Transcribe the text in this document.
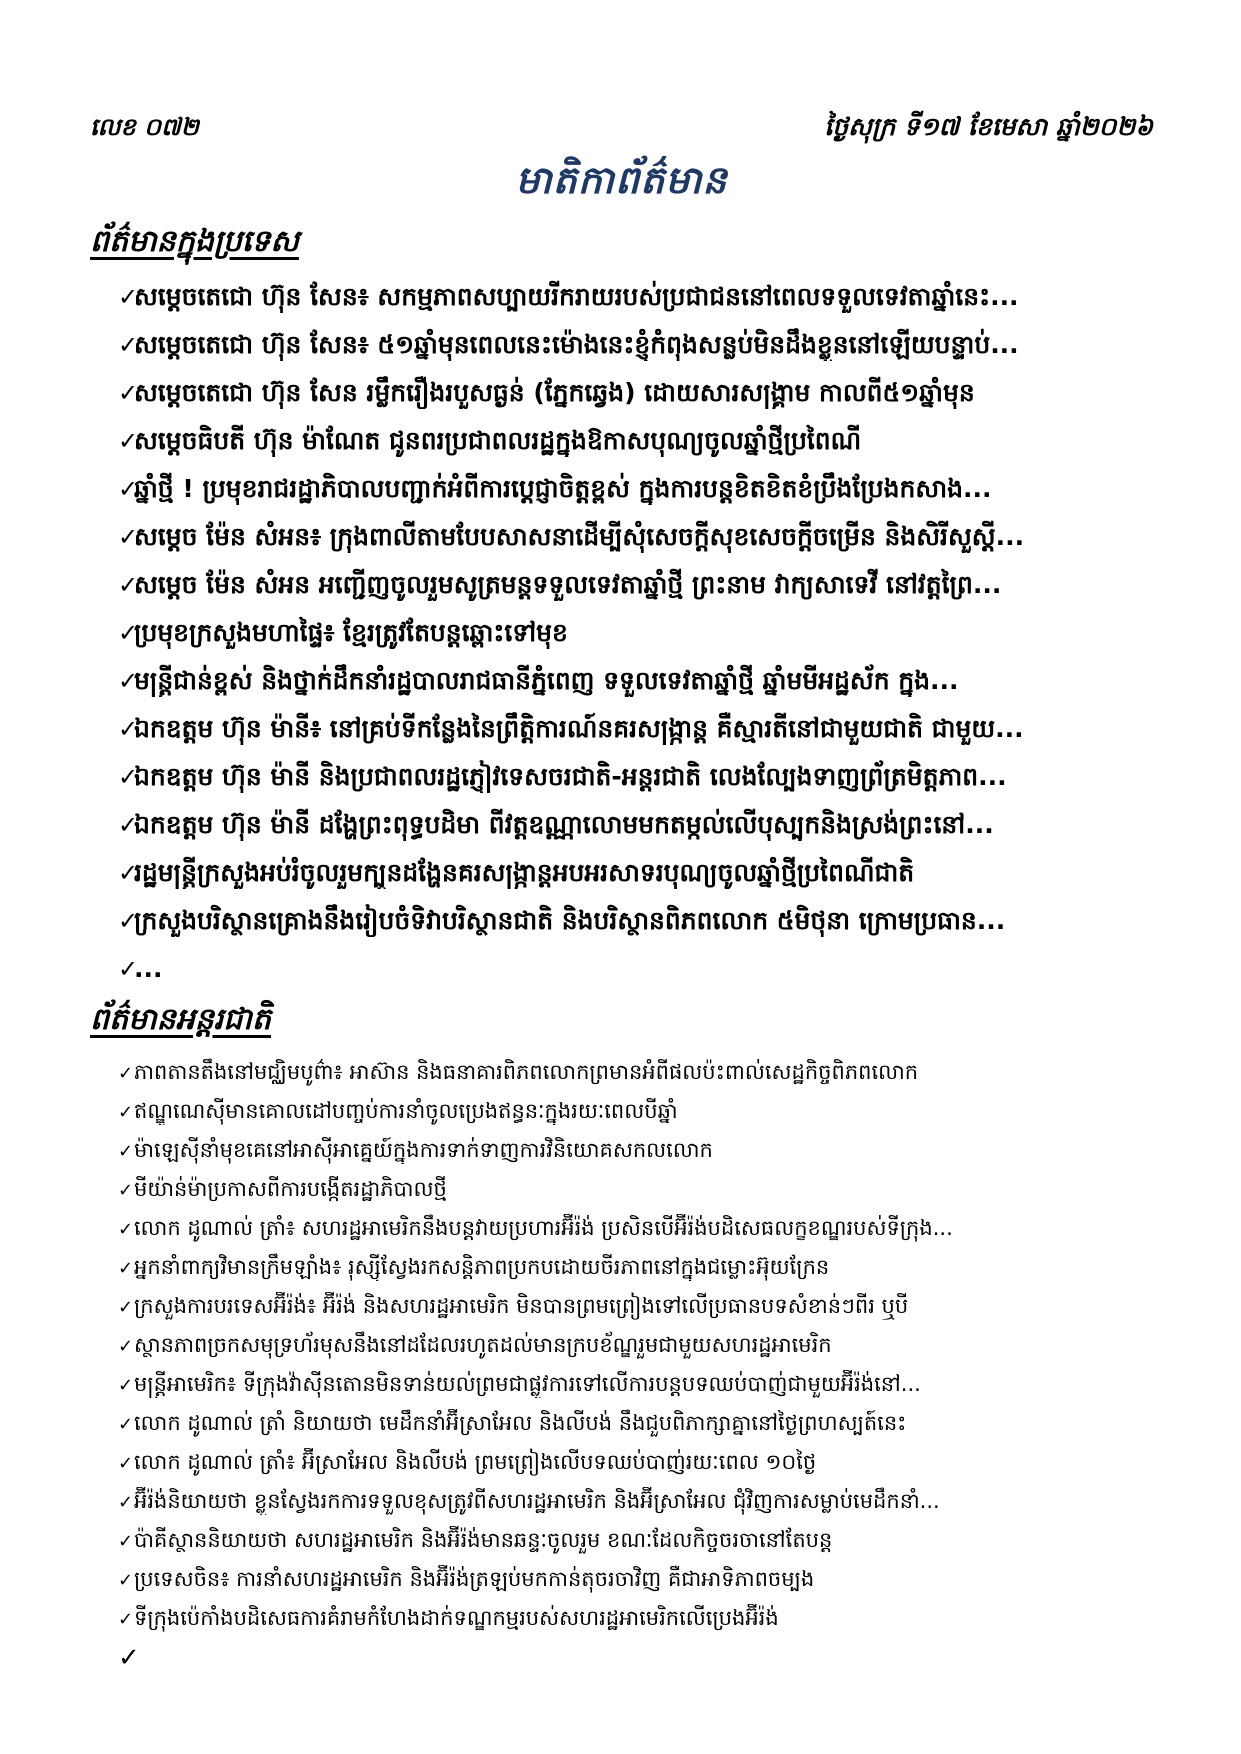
លេខ ០៧២	ថ្ងៃសុក្រ ទី១៧ ខែមេសា ឆ្នាំ២០២៦
មាតិកាព័ត៌មាន
ព័ត៌មានក្នុងប្រទេស
✓
សម្តេចតេជោ ហ៊ុន សែន៖ សកម្មភាពសប្បាយរីករាយរបស់ប្រជាជននៅពេលទទួលទេវតាឆ្នាំនេះ...
✓
សម្តេចតេជោ ហ៊ុន សែន៖ ៥១ឆ្នាំមុនពេលនេះម៉ោងនេះខ្ញុំកំពុងសន្លប់មិនដឹងខ្លួននៅឡើយបន្ទាប់...
✓
សម្តេចតេជោ ហ៊ុន សែន រម្លឹករឿងរបួសធ្ងន់ (ភ្នែកឆ្វេង) ដោយសារសង្គ្រាម កាលពី៥១ឆ្នាំមុន
✓
សម្តេចធិបតី ហ៊ុន ម៉ាណែត ជូនពរប្រជាពលរដ្ឋក្នុងឱកាសបុណ្យចូលឆ្នាំថ្មីប្រពៃណី
✓
ឆ្នាំថ្មី ! ប្រមុខរាជរដ្ឋាភិបាលបញ្ជាក់អំពីការប្តេជ្ញាចិត្តខ្ពស់ ក្នុងការបន្តខិតខិតខំប្រឹងប្រែងកសាង...
✓
សម្តេច ម៉ែន សំអន៖ ក្រុងពាលីតាមបែបសាសនាដើម្បីសុំសេចក្តីសុខសេចក្តីចម្រើន និងសិរីសួស្តី...
✓
សម្តេច ម៉ែន សំអន អញ្ជើញចូលរួមសូត្រមន្តទទួលទេវតាឆ្នាំថ្មី ព្រះនាម វាក្យសាទេវី នៅវត្តព្រៃ...
✓
ប្រមុខក្រសួងមហាផ្ទៃ៖ ខ្មែរត្រូវតែបន្តឆ្ពោះទៅមុខ
✓
មន្ត្រីជាន់ខ្ពស់ និងថ្នាក់ដឹកនាំរដ្ឋបាលរាជធានីភ្នំពេញ ទទួលទេវតាឆ្នាំថ្មី ឆ្នាំមមីអដ្ឋស័ក ក្នុង...
✓
ឯកឧត្តម ហ៊ុន ម៉ានី៖ នៅគ្រប់ទីកន្លែងនៃព្រឹត្តិការណ៍នគរសង្ក្រាន្ត គឺស្មារតីនៅជាមួយជាតិ ជាមួយ...
✓
ឯកឧត្តម ហ៊ុន ម៉ានី និងប្រជាពលរដ្ឋភ្ញៀវទេសចរជាតិ-អន្តរជាតិ លេងល្បែងទាញព្រ័ត្រមិត្តភាព...
✓
ឯកឧត្តម ហ៊ុន ម៉ានី ដង្ហែព្រះពុទ្ធបដិមា ពីវត្តឧណ្ណាលោមមកតម្កល់លើបុស្បុកនិងស្រង់ព្រះនៅ...
✓
រដ្ឋមន្ត្រីក្រសួងអប់រំចូលរួមក្បួនដង្ហែនគរសង្ក្រាន្តអបអរសាទរបុណ្យចូលឆ្នាំថ្មីប្រពៃណីជាតិ
✓
ក្រសួងបរិស្ថានគ្រោងនឹងរៀបចំទិវាបរិស្ថានជាតិ និងបរិស្ថានពិភពលោក ៥មិថុនា ក្រោមប្រធាន...
✓
...
ព័ត៌មានអន្តរជាតិ
✓ ភាពតានតឹងនៅមជ្ឈិមបូព៌ា៖ អាស៊ាន និងធនាគារពិភពលោកព្រមានអំពីផលប៉ះពាល់សេដ្ឋកិច្ចពិភពលោក
✓ ឥណ្ឌូណេស៊ីមានគោលដៅបញ្ចប់ការនាំចូលប្រេងឥន្ធនៈក្នុងរយៈពេលបីឆ្នាំ
✓ ម៉ាឡេស៊ីនាំមុខគេនៅអាស៊ីអាគ្នេយ៍ក្នុងការទាក់ទាញការវិនិយោគសកលលោក
✓ មីយ៉ាន់ម៉ាប្រកាសពីការបង្កើតរដ្ឋាភិបាលថ្មី
✓ លោក ដូណាល់ ត្រាំ៖ សហរដ្ឋអាមេរិកនឹងបន្តវាយប្រហារអ៊ីរ៉ង់ ប្រសិនបើអ៊ីរ៉ង់បដិសេធលក្ខខណ្ឌរបស់ទីក្រុង...
✓ អ្នកនាំពាក្យវិមានក្រឹមឡាំង៖ រុស្ស៊ីស្វែងរកសន្តិភាពប្រកបដោយចីរភាពនៅក្នុងជម្លោះអ៊ុយក្រែន
✓ ក្រសួងការបរទេសអ៊ីរ៉ង់៖ អ៊ីរ៉ង់ និងសហរដ្ឋអាមេរិក មិនបានព្រមព្រៀងទៅលើប្រធានបទសំខាន់ៗពីរ ឬបី
✓ ស្ថានភាពច្រកសមុទ្រហ័រមុសនឹងនៅដដែលរហូតដល់មានក្របខ័ណ្ឌរួមជាមួយសហរដ្ឋអាមេរិក
✓ មន្ត្រីអាមេរិក៖ ទីក្រុងវ៉ាស៊ីនតោនមិនទាន់យល់ព្រមជាផ្លូវការទៅលើការបន្តបទឈប់បាញ់ជាមួយអ៊ីរ៉ង់នៅ...
✓ លោក ដូណាល់ ត្រាំ និយាយថា មេដឹកនាំអ៊ីស្រាអែល និងលីបង់ នឹងជួបពិភាក្សាគ្នានៅថ្ងៃព្រហស្បត៍នេះ
✓ លោក ដូណាល់ ត្រាំ៖ អ៊ីស្រាអែល និងលីបង់ ព្រមព្រៀងលើបទឈប់បាញ់រយៈពេល ១០ថ្ងៃ
✓ អ៊ីរ៉ង់និយាយថា ខ្លួនស្វែងរកការទទួលខុសត្រូវពីសហរដ្ឋអាមេរិក និងអ៊ីស្រាអែល ជុំវិញការសម្លាប់មេដឹកនាំ...
✓ ប៉ាគីស្ថាននិយាយថា សហរដ្ឋអាមេរិក និងអ៊ីរ៉ង់មានឆន្ទៈចូលរួម ខណៈដែលកិច្ចចរចានៅតែបន្ត
✓ ប្រទេសចិន៖ ការនាំសហរដ្ឋអាមេរិក និងអ៊ីរ៉ង់ត្រឡប់មកកាន់តុចរចាវិញ គឺជាអាទិភាពចម្បង
✓ ទីក្រុងប៉េកាំងបដិសេធការគំរាមកំហែងដាក់ទណ្ឌកម្មរបស់សហរដ្ឋអាមេរិកលើប្រេងអ៊ីរ៉ង់
✓
